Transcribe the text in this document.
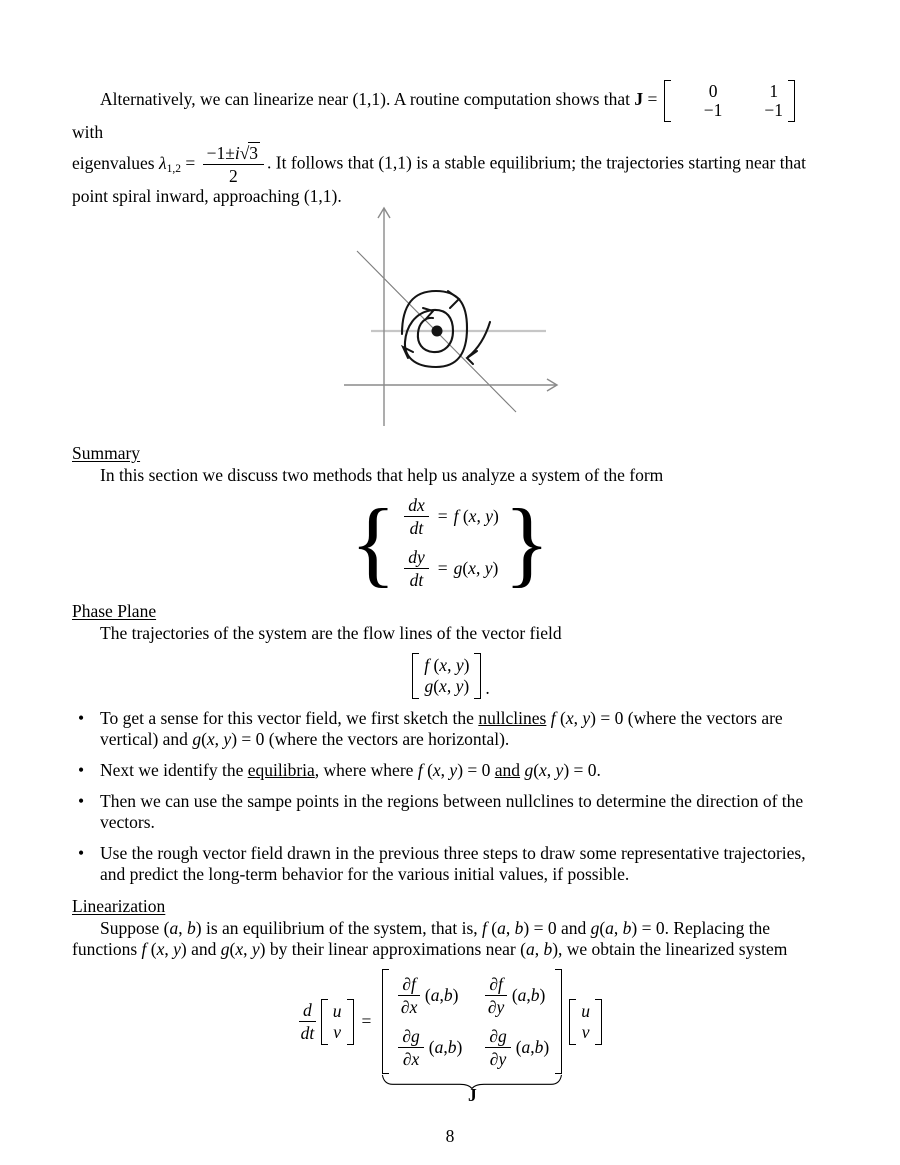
Alternatively, we can linearize near (1,1). A routine computation shows that J =	0	1
−1	−1
with
eigenvalues $\lambda_{1,2} = \frac{-1\pm i√3}{2}$ . It follows that (1,1) is a stable equilibrium; the trajectories starting near that
point spiral inward, approaching (1,1).
Summary

In this section we discuss two methods that help us analyze a system of the form

{ $\frac{dx}{dt} = f$ (x, y)
$\frac{dy}{dt} = g(x$, y) }
Phase Plane

The trajectories of the system are the flow lines of the vector field

f (x, y)
g(x, y) .
• To get a sense for this vector field, we first sketch the nullclines f (x, y) = 0 (where the vectors are vertical) and g(x, y) = 0 (where the vectors are horizontal).
• Next we identify the equilibria, where where f (x, y) = 0 and g(x, y) = 0.
• Then we can use the sampe points in the regions between nullclines to determine the direction of the vectors.
• Use the rough vector field drawn in the previous three steps to draw some representative trajectories, and predict the long-term behavior for the various initial values, if possible.
Linearization

Suppose (a, b) is an equilibrium of the system, that is, f (a, b) = 0 and g(a, b) = 0. Replacing the functions f (x, y) and g(x, y) by their linear approximations near (a, b), we obtain the linearized system

$\frac{d}{dt}$ u
v
=
$\frac{\partial f}{\partial x} (a,b) \frac{\partial f}{\partial y} (a,b)$
$\frac{\partial g}{\partial x} (a,b) \frac{\partial g}{\partial y} (a,b)$
J
u
v
8
